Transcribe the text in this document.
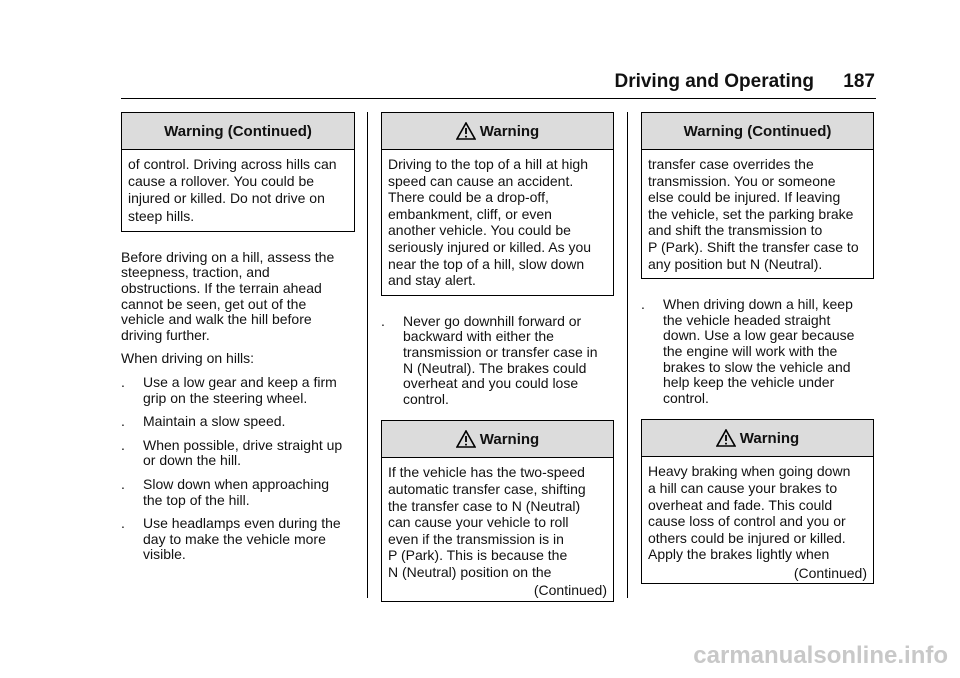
Driving and Operating 187
Warning (Continued)
of control. Driving across hills can
cause a rollover. You could be
injured or killed. Do not drive on
steep hills.

Before driving on a hill, assess the

steepness, traction, and

obstructions. If the terrain ahead

cannot be seen, get out of the

vehicle and walk the hill before

driving further.

When driving on hills:

.	Use a low gear and keep a firm
grip on the steering wheel.
.	Maintain a slow speed.
.	When possible, drive straight up
or down the hill.
.	Slow down when approaching
the top of the hill.
.	Use headlamps even during the
day to make the vehicle more
visible.
Warning
Driving to the top of a hill at high
speed can cause an accident.
There could be a drop-off,
embankment, cliff, or even
another vehicle. You could be
seriously injured or killed. As you
near the top of a hill, slow down
and stay alert.
.	Never go downhill forward or
backward with either the
transmission or transfer case in
N (Neutral). The brakes could
overheat and you could lose
control.
Warning
If the vehicle has the two-speed
automatic transfer case, shifting
the transfer case to N (Neutral)
can cause your vehicle to roll
even if the transmission is in
P (Park). This is because the
N (Neutral) position on the
(Continued)
Warning (Continued)
transfer case overrides the
transmission. You or someone
else could be injured. If leaving
the vehicle, set the parking brake
and shift the transmission to
P (Park). Shift the transfer case to
any position but N (Neutral).
.	When driving down a hill, keep
the vehicle headed straight
down. Use a low gear because
the engine will work with the
brakes to slow the vehicle and
help keep the vehicle under
control.
Warning
Heavy braking when going down
a hill can cause your brakes to
overheat and fade. This could
cause loss of control and you or
others could be injured or killed.
Apply the brakes lightly when
(Continued)
carmanualsonline.info
